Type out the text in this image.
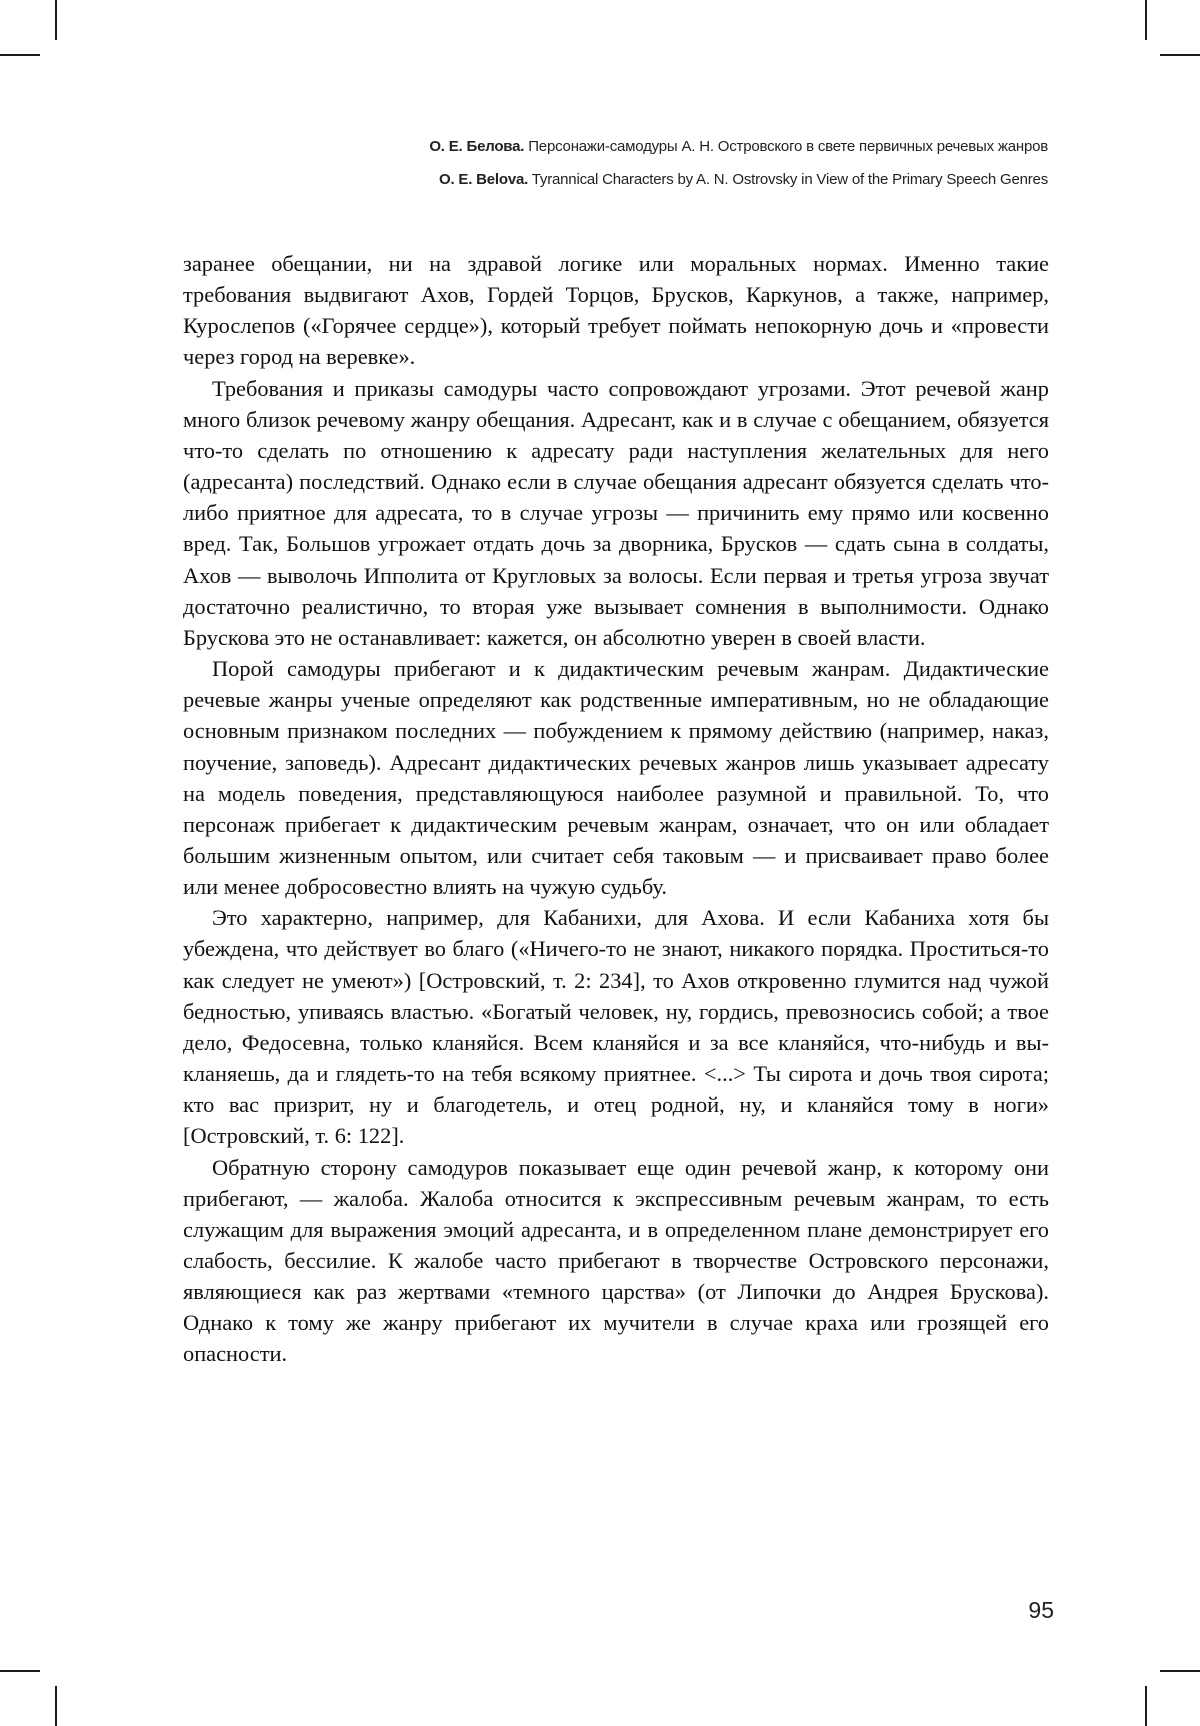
О. Е. Белова. Персонажи-самодуры А. Н. Островского в свете первичных речевых жанров
O. E. Belova. Tyrannical Characters by A. N. Ostrovsky in View of the Primary Speech Genres

заранее обещании, ни на здравой логике или моральных нормах. Именно такие требования выдвигают Ахов, Гордей Торцов, Брусков, Каркунов, а также, например, Курослепов («Горячее сердце»), который требует поймать непокорную дочь и «провести через город на веревке».

Требования и приказы самодуры часто сопровождают угрозами. Этот речевой жанр много близок речевому жанру обещания. Адресант, как и в случае с обещанием, обязуется что-то сделать по отношению к адресату ради наступления желательных для него (адресанта) последствий. Однако если в случае обещания адресант обязуется сделать что-либо приятное для адресата, то в случае угрозы — причинить ему прямо или косвенно вред. Так, Большов угрожает отдать дочь за дворника, Брусков — сдать сына в солдаты, Ахов — выволочь Ипполита от Кругловых за волосы. Если первая и третья угроза звучат достаточно реалистично, то вторая уже вызывает сомнения в выполнимости. Однако Брускова это не останавливает: кажется, он абсолютно уверен в своей власти.

Порой самодуры прибегают и к дидактическим речевым жанрам. Дидактические речевые жанры ученые определяют как родственные императивным, но не обладающие основным признаком последних — побуждением к прямому действию (например, наказ, поучение, заповедь). Адресант дидактических речевых жанров лишь указывает адресату на модель поведения, представляющуюся наиболее разумной и правильной. То, что персонаж прибегает к дидактическим речевым жанрам, означает, что он или обладает большим жизненным опытом, или считает себя таковым — и присваивает право более или менее добросовестно влиять на чужую судьбу.

Это характерно, например, для Кабанихи, для Ахова. И если Кабаниха хотя бы убеждена, что действует во благо («Ничего-то не знают, никакого порядка. Проститься-то как следует не умеют») [Островский, т. 2: 234], то Ахов откровенно глумится над чужой бедностью, упиваясь властью. «Богатый человек, ну, гордись, превозносись собой; а твое дело, Федосевна, только кланяйся. Всем кланяйся и за все кланяйся, что-нибудь и выкланяешь, да и глядеть-то на тебя всякому приятнее. <...> Ты сирота и дочь твоя сирота; кто вас призрит, ну и благодетель, и отец родной, ну, и кланяйся тому в ноги» [Островский, т. 6: 122].

Обратную сторону самодуров показывает еще один речевой жанр, к которому они прибегают, — жалоба. Жалоба относится к экспрессивным речевым жанрам, то есть служащим для выражения эмоций адресанта, и в определенном плане демонстрирует его слабость, бессилие. К жалобе часто прибегают в творчестве Островского персонажи, являющиеся как раз жертвами «темного царства» (от Липочки до Андрея Брускова). Однако к тому же жанру прибегают их мучители в случае краха или грозящей его опасности.

95
